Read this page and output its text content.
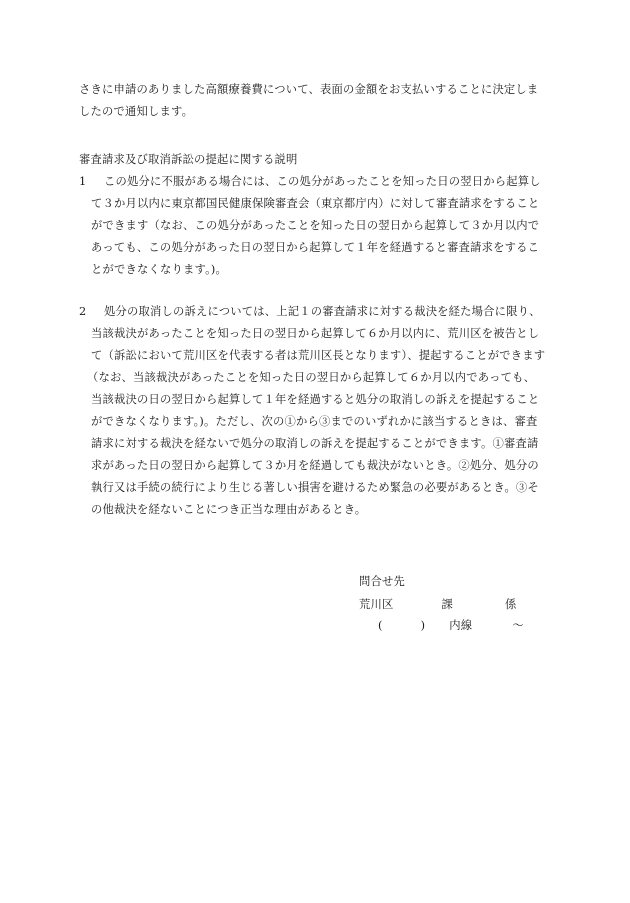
さきに申請のありました高額療養費について、表面の金額をお支払いすることに決定しま
したので通知します。
審査請求及び取消訴訟の提起に関する説明
1 この処分に不服がある場合には、この処分があったことを知った日の翌日から起算し
て３か月以内に東京都国民健康保険審査会（東京都庁内）に対して審査請求をすること
ができます（なお、この処分があったことを知った日の翌日から起算して３か月以内で
あっても、この処分があった日の翌日から起算して１年を経過すると審査請求をするこ
とができなくなります。)。
2 処分の取消しの訴えについては、上記１の審査請求に対する裁決を経た場合に限り、
当該裁決があったことを知った日の翌日から起算して６か月以内に、荒川区を被告とし
て（訴訟において荒川区を代表する者は荒川区長となります）、提起することができます
（なお、当該裁決があったことを知った日の翌日から起算して６か月以内であっても、
当該裁決の日の翌日から起算して１年を経過すると処分の取消しの訴えを提起すること
ができなくなります。)。ただし、次の①から③までのいずれかに該当するときは、審査
請求に対する裁決を経ないで処分の取消しの訴えを提起することができます。①審査請
求があった日の翌日から起算して３か月を経過しても裁決がないとき。②処分、処分の
執行又は手続の続行により生じる著しい損害を避けるため緊急の必要があるとき。③そ
の他裁決を経ないことにつき正当な理由があるとき。
問合せ先
荒川区	課	係
(	) 内線	〜
